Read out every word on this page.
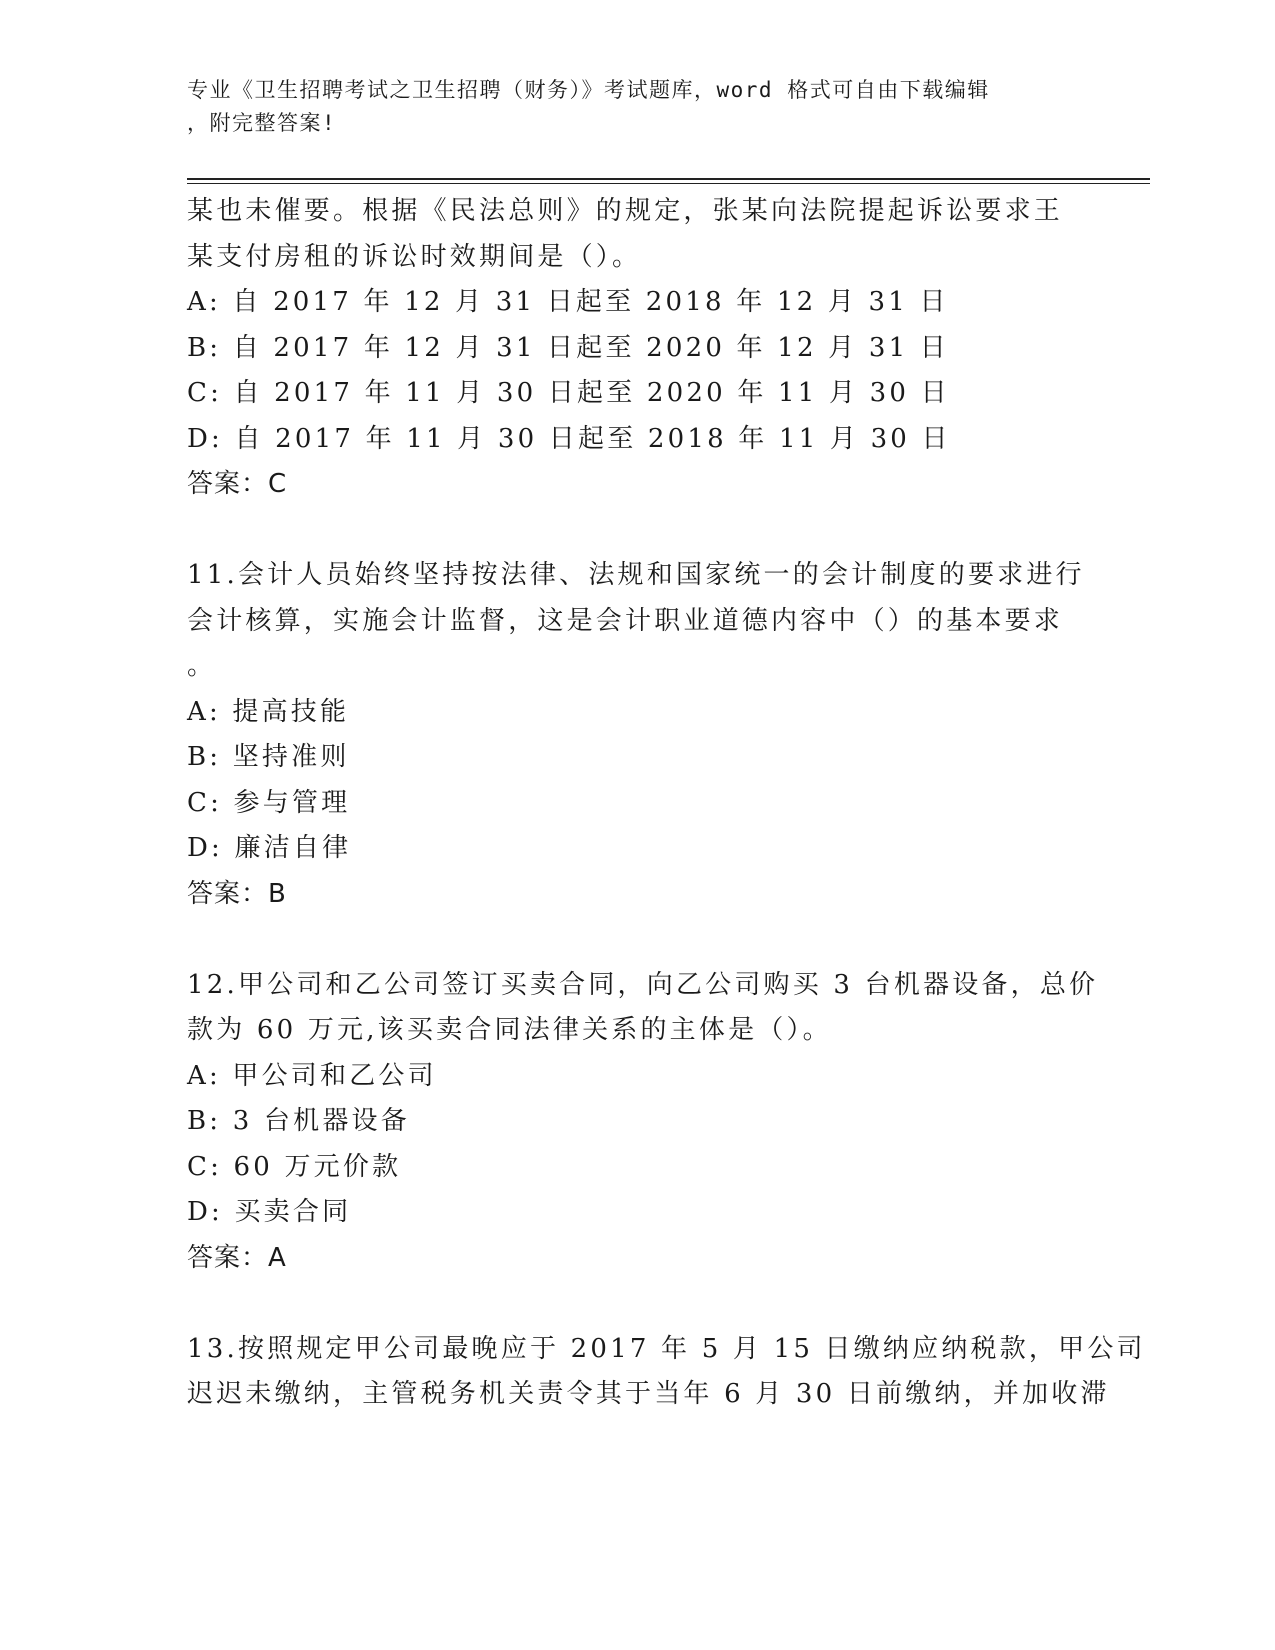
专业《卫生招聘考试之卫生招聘（财务）》考试题库，word 格式可自由下载编辑
，附完整答案!
某也未催要。根据《民法总则》的规定，张某向法院提起诉讼要求王
某支付房租的诉讼时效期间是（）。
A: 自 2017 年 12 月 31 日起至 2018 年 12 月 31 日
B: 自 2017 年 12 月 31 日起至 2020 年 12 月 31 日
C: 自 2017 年 11 月 30 日起至 2020 年 11 月 30 日
D: 自 2017 年 11 月 30 日起至 2018 年 11 月 30 日
答案：C
11.会计人员始终坚持按法律、法规和国家统一的会计制度的要求进行
会计核算，实施会计监督，这是会计职业道德内容中（）的基本要求
。
A: 提高技能
B: 坚持准则
C: 参与管理
D: 廉洁自律
答案：B
12.甲公司和乙公司签订买卖合同，向乙公司购买 3 台机器设备，总价
款为 60 万元,该买卖合同法律关系的主体是（）。
A: 甲公司和乙公司
B: 3 台机器设备
C: 60 万元价款
D: 买卖合同
答案：A
13.按照规定甲公司最晚应于 2017 年 5 月 15 日缴纳应纳税款，甲公司
迟迟未缴纳，主管税务机关责令其于当年 6 月 30 日前缴纳，并加收滞
